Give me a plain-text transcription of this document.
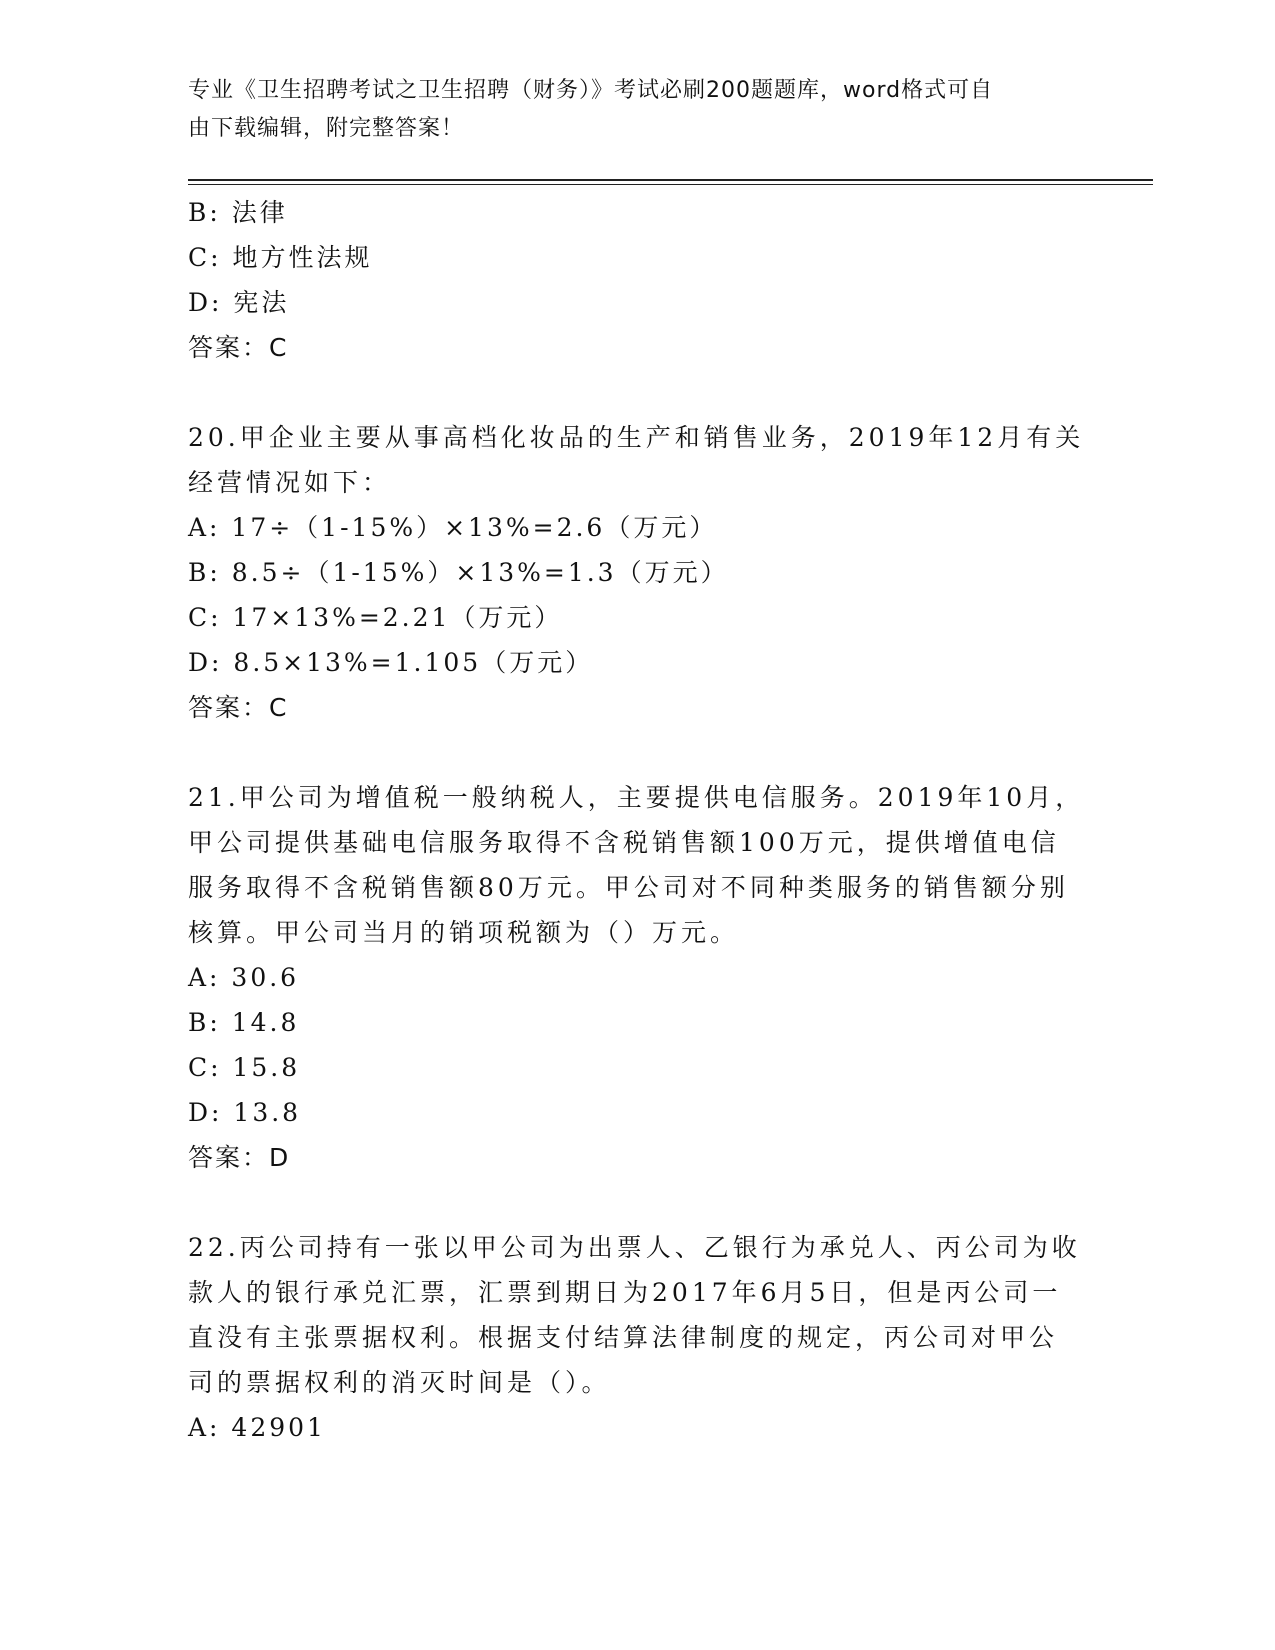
专业《卫生招聘考试之卫生招聘（财务）》考试必刷200题题库，word格式可自
由下载编辑，附完整答案！
B: 法律
C: 地方性法规
D: 宪法
答案：C
20.甲企业主要从事高档化妆品的生产和销售业务，2019年12月有关
经营情况如下：
A: 17÷（1-15%）×13%=2.6（万元）
B: 8.5÷（1-15%）×13%=1.3（万元）
C: 17×13%=2.21（万元）
D: 8.5×13%=1.105（万元）
答案：C
21.甲公司为增值税一般纳税人，主要提供电信服务。2019年10月，
甲公司提供基础电信服务取得不含税销售额100万元，提供增值电信
服务取得不含税销售额80万元。甲公司对不同种类服务的销售额分别
核算。甲公司当月的销项税额为（）万元。
A: 30.6
B: 14.8
C: 15.8
D: 13.8
答案：D
22.丙公司持有一张以甲公司为出票人、乙银行为承兑人、丙公司为收
款人的银行承兑汇票，汇票到期日为2017年6月5日，但是丙公司一
直没有主张票据权利。根据支付结算法律制度的规定，丙公司对甲公
司的票据权利的消灭时间是（）。
A: 42901
